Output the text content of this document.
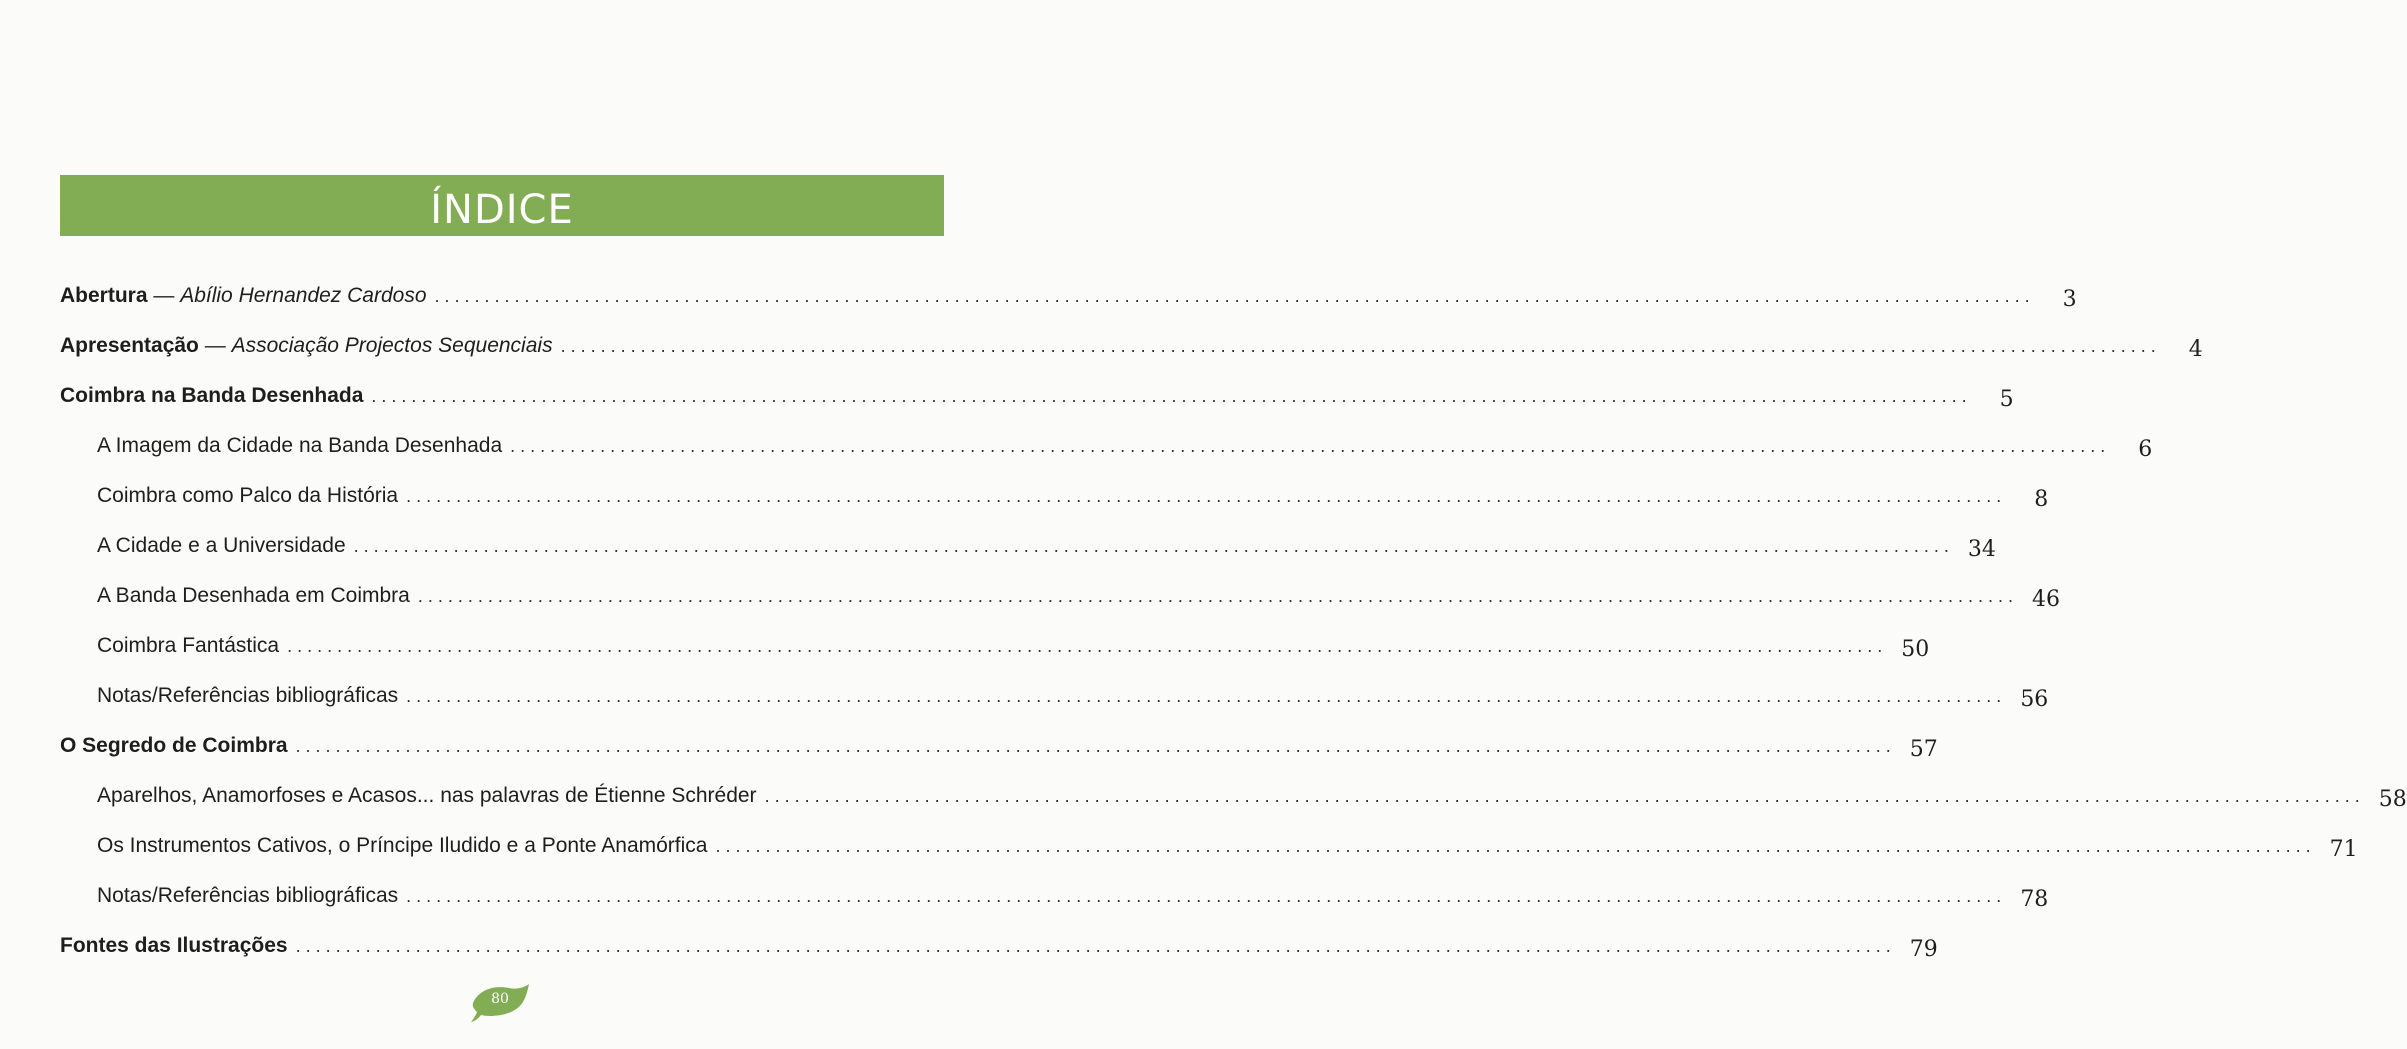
ÍNDICE
Abertura — Abílio Hernandez Cardoso ................................................................................................................................................................	3
Apresentação — Associação Projectos Sequenciais ................................................................................................................................................................	4
Coimbra na Banda Desenhada ................................................................................................................................................................	5
A Imagem da Cidade na Banda Desenhada ................................................................................................................................................................	6
Coimbra como Palco da História ................................................................................................................................................................	8
A Cidade e a Universidade ................................................................................................................................................................ 34
A Banda Desenhada em Coimbra ................................................................................................................................................................ 46
Coimbra Fantástica ................................................................................................................................................................ 50
Notas/Referências bibliográficas ................................................................................................................................................................ 56
O Segredo de Coimbra ................................................................................................................................................................ 57
Aparelhos, Anamorfoses e Acasos... nas palavras de Étienne Schréder ................................................................................................................................................................ 58
Os Instrumentos Cativos, o Príncipe Iludido e a Ponte Anamórfica ................................................................................................................................................................ 71
Notas/Referências bibliográficas ................................................................................................................................................................ 78
Fontes das Ilustrações ................................................................................................................................................................ 79
80
